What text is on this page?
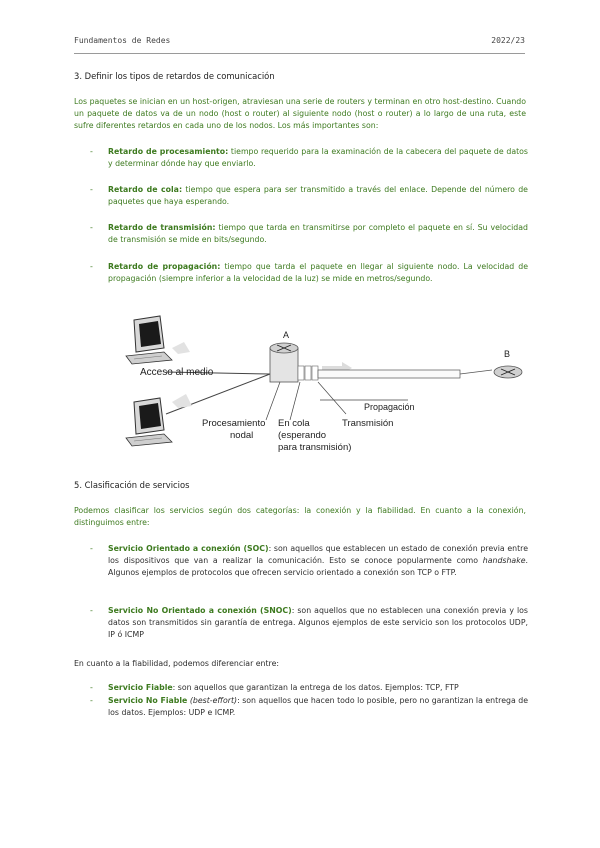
Fundamentos de Redes	2022/23
3. Definir los tipos de retardos de comunicación
Los paquetes se inician en un host-origen, atraviesan una serie de routers y terminan en otro host-destino. Cuando un paquete de datos va de un nodo (host o router) al siguiente nodo (host o router) a lo largo de una ruta, este sufre diferentes retardos en cada uno de los nodos. Los más importantes son:
- Retardo de procesamiento: tiempo requerido para la examinación de la cabecera del paquete de datos y determinar dónde hay que enviarlo.
- Retardo de cola: tiempo que espera para ser transmitido a través del enlace. Depende del número de paquetes que haya esperando.
- Retardo de transmisión: tiempo que tarda en transmitirse por completo el paquete en sí. Su velocidad de transmisión se mide en bits/segundo.
- Retardo de propagación: tiempo que tarda el paquete en llegar al siguiente nodo. La velocidad de propagación (siempre inferior a la velocidad de la luz) se mide en metros/segundo.
A
B
Acceso al medio
Propagación
Procesamiento
nodal
En cola
(esperando
para transmisión)
Transmisión
5. Clasificación de servicios
Podemos clasificar los servicios según dos categorías: la conexión y la fiabilidad. En cuanto a la conexión, distinguimos entre:
- Servicio Orientado a conexión (SOC): son aquellos que establecen un estado de conexión previa entre los dispositivos que van a realizar la comunicación. Esto se conoce popularmente como handshake. Algunos ejemplos de protocolos que ofrecen servicio orientado a conexión son TCP o FTP.
- Servicio No Orientado a conexión (SNOC): son aquellos que no establecen una conexión previa y los datos son transmitidos sin garantía de entrega. Algunos ejemplos de este servicio son los protocolos UDP, IP ó ICMP
En cuanto a la fiabilidad, podemos diferenciar entre:
- Servicio Fiable: son aquellos que garantizan la entrega de los datos. Ejemplos: TCP, FTP
- Servicio No Fiable (best-effort): son aquellos que hacen todo lo posible, pero no garantizan la entrega de los datos. Ejemplos: UDP e ICMP.
